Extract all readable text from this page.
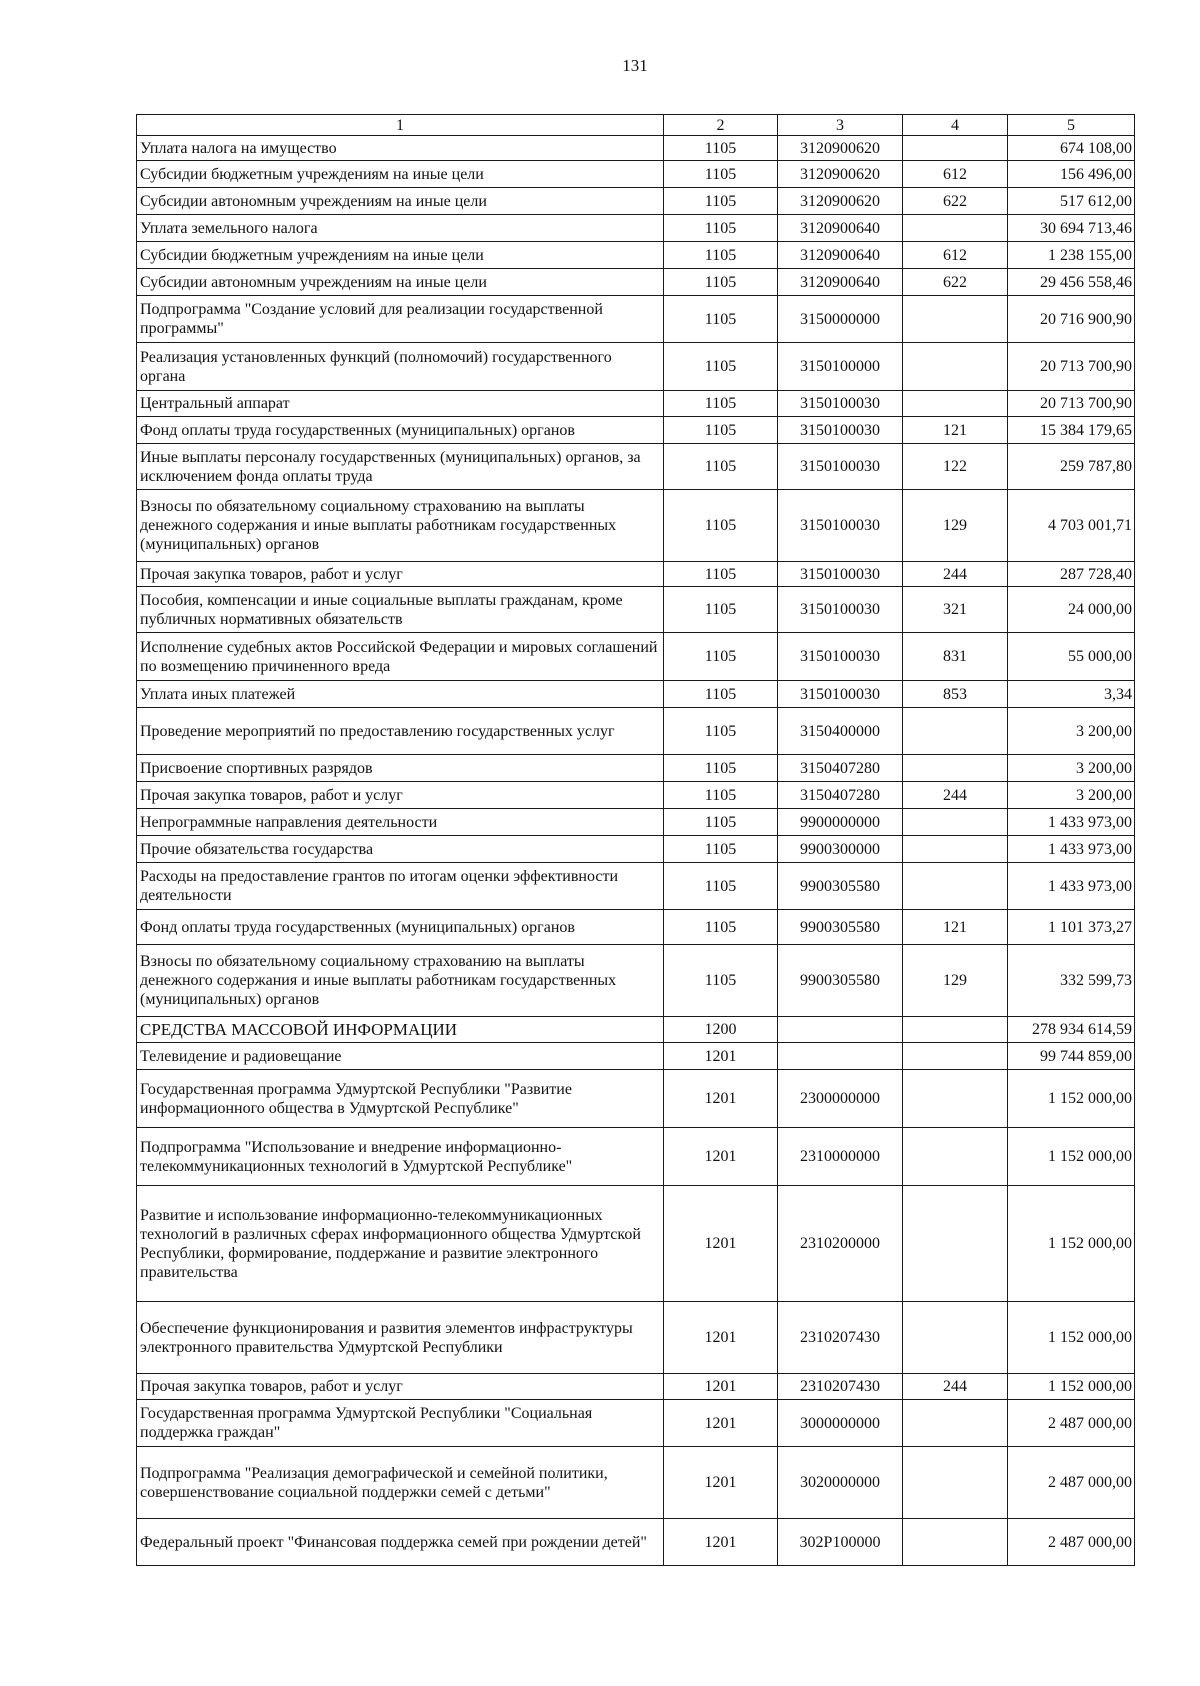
131
1	2	3	4	5
Уплата налога на имущество	1105	3120900620		674 108,00
Субсидии бюджетным учреждениям на иные цели	1105	3120900620	612	156 496,00
Субсидии автономным учреждениям на иные цели	1105	3120900620	622	517 612,00
Уплата земельного налога	1105	3120900640		30 694 713,46
Субсидии бюджетным учреждениям на иные цели	1105	3120900640	612	1 238 155,00
Субсидии автономным учреждениям на иные цели	1105	3120900640	622	29 456 558,46
Подпрограмма "Создание условий для реализации государственной программы"	1105	3150000000		20 716 900,90
Реализация установленных функций (полномочий) государственного органа	1105	3150100000		20 713 700,90
Центральный аппарат	1105	3150100030		20 713 700,90
Фонд оплаты труда государственных (муниципальных) органов	1105	3150100030	121	15 384 179,65
Иные выплаты персоналу государственных (муниципальных) органов, за исключением фонда оплаты труда	1105	3150100030	122	259 787,80
Взносы по обязательному социальному страхованию на выплаты денежного содержания и иные выплаты работникам государственных (муниципальных) органов	1105	3150100030	129	4 703 001,71
Прочая закупка товаров, работ и услуг	1105	3150100030	244	287 728,40
Пособия, компенсации и иные социальные выплаты гражданам, кроме публичных нормативных обязательств	1105	3150100030	321	24 000,00
Исполнение судебных актов Российской Федерации и мировых соглашений по возмещению причиненного вреда	1105	3150100030	831	55 000,00
Уплата иных платежей	1105	3150100030	853	3,34
Проведение мероприятий по предоставлению государственных услуг	1105	3150400000		3 200,00
Присвоение спортивных разрядов	1105	3150407280		3 200,00
Прочая закупка товаров, работ и услуг	1105	3150407280	244	3 200,00
Непрограммные направления деятельности	1105	9900000000		1 433 973,00
Прочие обязательства государства	1105	9900300000		1 433 973,00
Расходы на предоставление грантов по итогам оценки эффективности деятельности	1105	9900305580		1 433 973,00
Фонд оплаты труда государственных (муниципальных) органов	1105	9900305580	121	1 101 373,27
Взносы по обязательному социальному страхованию на выплаты денежного содержания и иные выплаты работникам государственных (муниципальных) органов	1105	9900305580	129	332 599,73
СРЕДСТВА МАССОВОЙ ИНФОРМАЦИИ	1200			278 934 614,59
Телевидение и радиовещание	1201			99 744 859,00
Государственная программа Удмуртской Республики "Развитие информационного общества в Удмуртской Республике"	1201	2300000000		1 152 000,00
Подпрограмма "Использование и внедрение информационно-телекоммуникационных технологий в Удмуртской Республике"	1201	2310000000		1 152 000,00
Развитие и использование информационно-телекоммуникационных технологий в различных сферах информационного общества Удмуртской Республики, формирование, поддержание и развитие электронного правительства	1201	2310200000		1 152 000,00
Обеспечение функционирования и развития элементов инфраструктуры электронного правительства Удмуртской Республики	1201	2310207430		1 152 000,00
Прочая закупка товаров, работ и услуг	1201	2310207430	244	1 152 000,00
Государственная программа Удмуртской Республики "Социальная поддержка граждан"	1201	3000000000		2 487 000,00
Подпрограмма "Реализация демографической и семейной политики, совершенствование социальной поддержки семей с детьми"	1201	3020000000		2 487 000,00
Федеральный проект "Финансовая поддержка семей при рождении детей"	1201	302P100000		2 487 000,00
